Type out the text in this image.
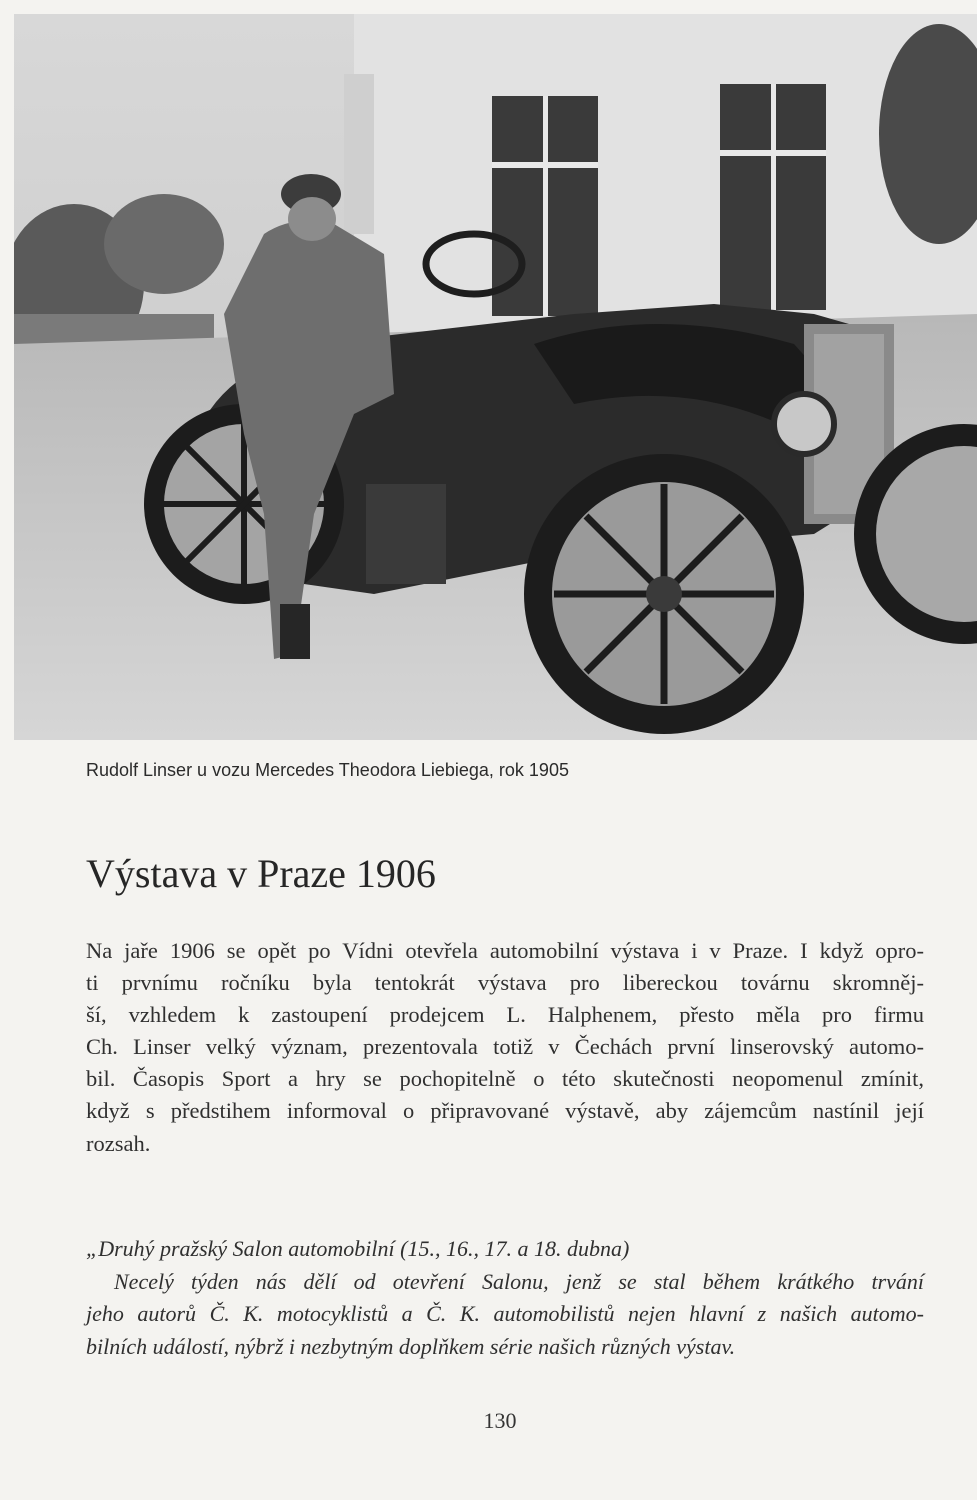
Rudolf Linser u vozu Mercedes Theodora Liebiega, rok 1905
Výstava v Praze 1906
Na jaře 1906 se opět po Vídni otevřela automobilní výstava i v Praze. I když opro-
ti prvnímu ročníku byla tentokrát výstava pro libereckou továrnu skromněj-
ší, vzhledem k zastoupení prodejcem L. Halphenem, přesto měla pro firmu
Ch. Linser velký význam, prezentovala totiž v Čechách první linserovský automo-
bil. Časopis Sport a hry se pochopitelně o této skutečnosti neopomenul zmínit,
když s předstihem informoval o připravované výstavě, aby zájemcům nastínil její
rozsah.
„Druhý pražský Salon automobilní (15., 16., 17. a 18. dubna)
Necelý týden nás dělí od otevření Salonu, jenž se stal během krátkého trvání
jeho autorů Č. K. motocyklistů a Č. K. automobilistů nejen hlavní z našich automo-
bilních událostí, nýbrž i nezbytným doplňkem série našich různých výstav.
130
